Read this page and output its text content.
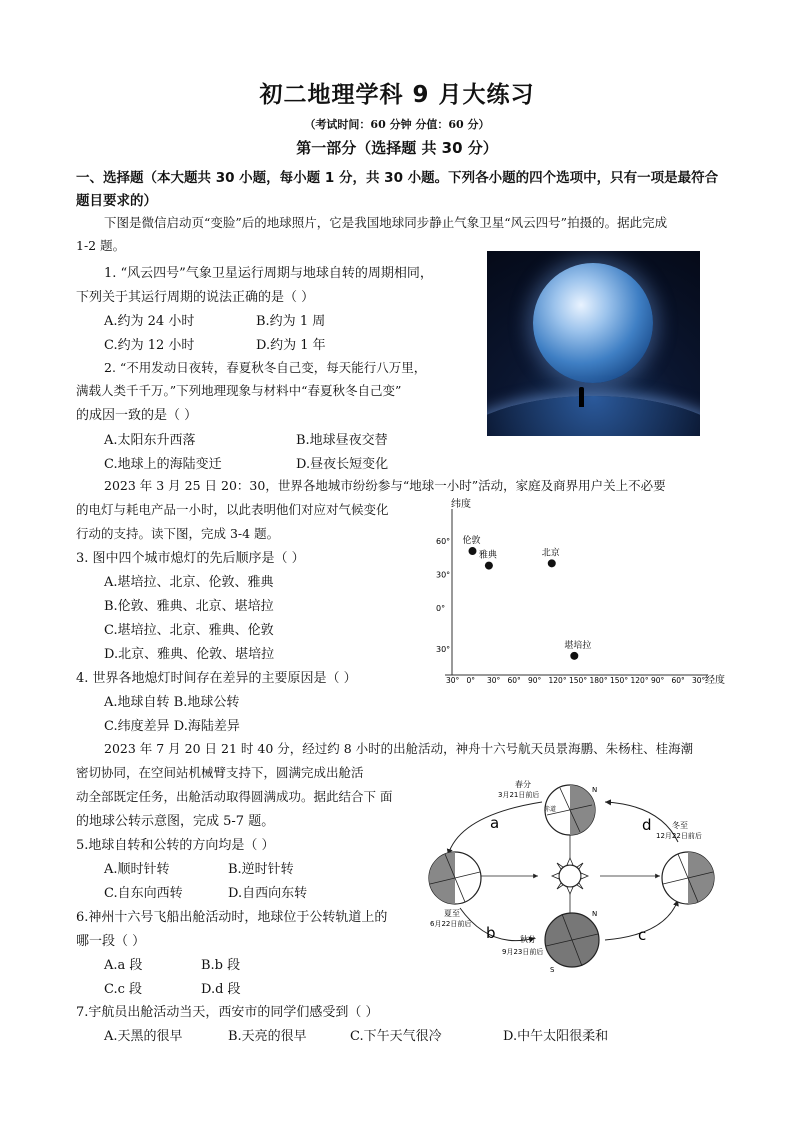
初二地理学科 9 月大练习
（考试时间：60 分钟 分值：60 分）
第一部分（选择题 共 30 分）
一、选择题（本大题共 30 小题，每小题 1 分，共 30 小题。下列各小题的四个选项中，只有一项是最符合
题目要求的）
下图是微信启动页“变脸”后的地球照片，它是我国地球同步静止气象卫星“风云四号”拍摄的。据此完成
1-2 题。
1. “风云四号”气象卫星运行周期与地球自转的周期相同，
下列关于其运行周期的说法正确的是（ ）
A.约为 24 小时	B.约为 1 周
C.约为 12 小时	D.约为 1 年
2. “不用发动日夜转，春夏秋冬自己变，每天能行八万里，
满载人类千千万。”下列地理现象与材料中“春夏秋冬自己变”
的成因一致的是（ ）
A.太阳东升西落	B.地球昼夜交替
C.地球上的海陆变迁	D.昼夜长短变化
2023 年 3 月 25 日 20：30，世界各地城市纷纷参与“地球一小时”活动，家庭及商界用户关上不必要
的电灯与耗电产品一小时，以此表明他们对应对气候变化
行动的支持。读下图，完成 3-4 题。
3. 图中四个城市熄灯的先后顺序是（ ）
A.堪培拉、北京、伦敦、雅典
B.伦敦、雅典、北京、堪培拉
C.堪培拉、北京、雅典、伦敦
D.北京、雅典、伦敦、堪培拉
4. 世界各地熄灯时间存在差异的主要原因是（ ）
A.地球自转 B.地球公转
C.纬度差异 D.海陆差异
纬度
经度
60°
30°
0°
30°
30° 0° 30° 60° 90° 120° 150° 180° 150° 120° 90° 60° 30°
伦敦
雅典	北京
堪培拉
2023 年 7 月 20 日 21 时 40 分，经过约 8 小时的出舱活动，神舟十六号航天员景海鹏、朱杨柱、桂海潮
密切协同，在空间站机械臂支持下，圆满完成出舱活
动全部既定任务，出舱活动取得圆满成功。据此结合下 面
的地球公转示意图，完成 5-7 题。
5.地球自转和公转的方向均是（ ）
A.顺时针转	B.逆时针转
C.自东向西转	D.自西向东转
6.神州十六号飞船出舱活动时，地球位于公转轨道上的
哪一段（ ）
A.a 段	B.b 段
C.c 段	D.d 段
7.宇航员出舱活动当天，西安市的同学们感受到（ ）
A.天黑的很早	B.天亮的很早	C.下午天气很冷	D.中午太阳很柔和
a
b	c
d
春分
3月21日前后
赤道
N
夏至
6月22日前后
秋分
9月23日前后
N
S
冬至
12月22日前后
